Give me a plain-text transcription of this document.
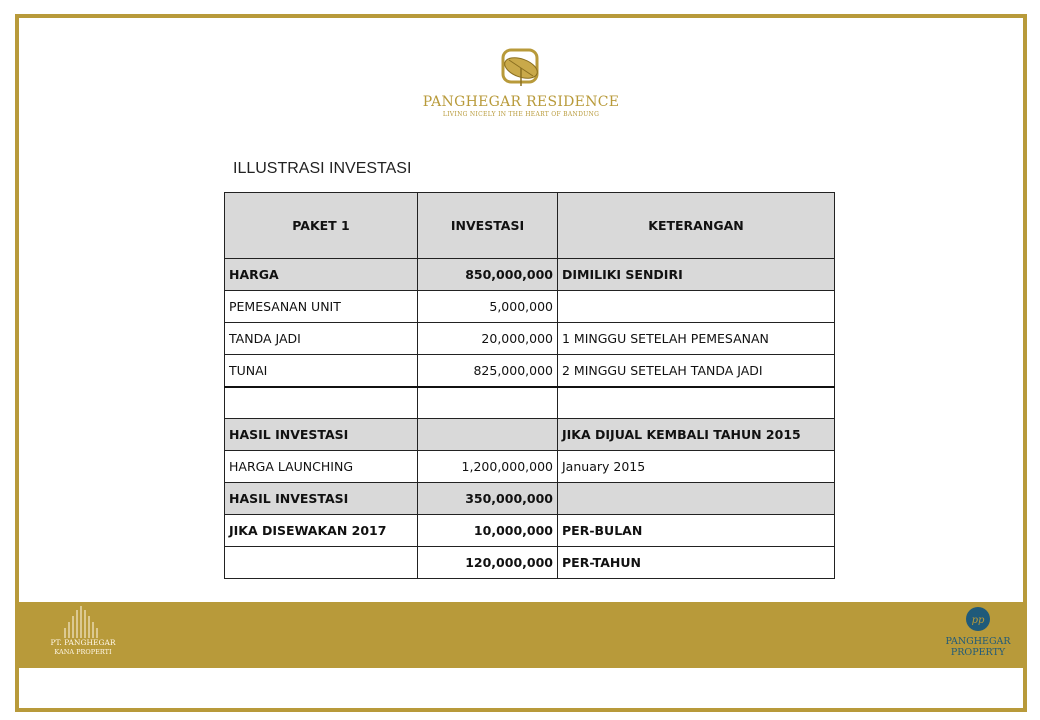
PANGHEGAR RESIDENCE
LIVING NICELY IN THE HEART OF BANDUNG
ILLUSTRASI INVESTASI
PAKET 1	INVESTASI	KETERANGAN
HARGA	850,000,000	DIMILIKI SENDIRI
PEMESANAN UNIT	5,000,000	
TANDA JADI	20,000,000	1 MINGGU SETELAH PEMESANAN
TUNAI	825,000,000	2 MINGGU SETELAH TANDA JADI

HASIL INVESTASI		JIKA DIJUAL KEMBALI TAHUN 2015
HARGA LAUNCHING	1,200,000,000	January 2015
HASIL INVESTASI	350,000,000	
JIKA DISEWAKAN 2017	10,000,000	PER-BULAN
	120,000,000	PER-TAHUN
PT. PANGHEGAR
KANA PROPERTI
pp
PANGHEGAR
PROPERTY
